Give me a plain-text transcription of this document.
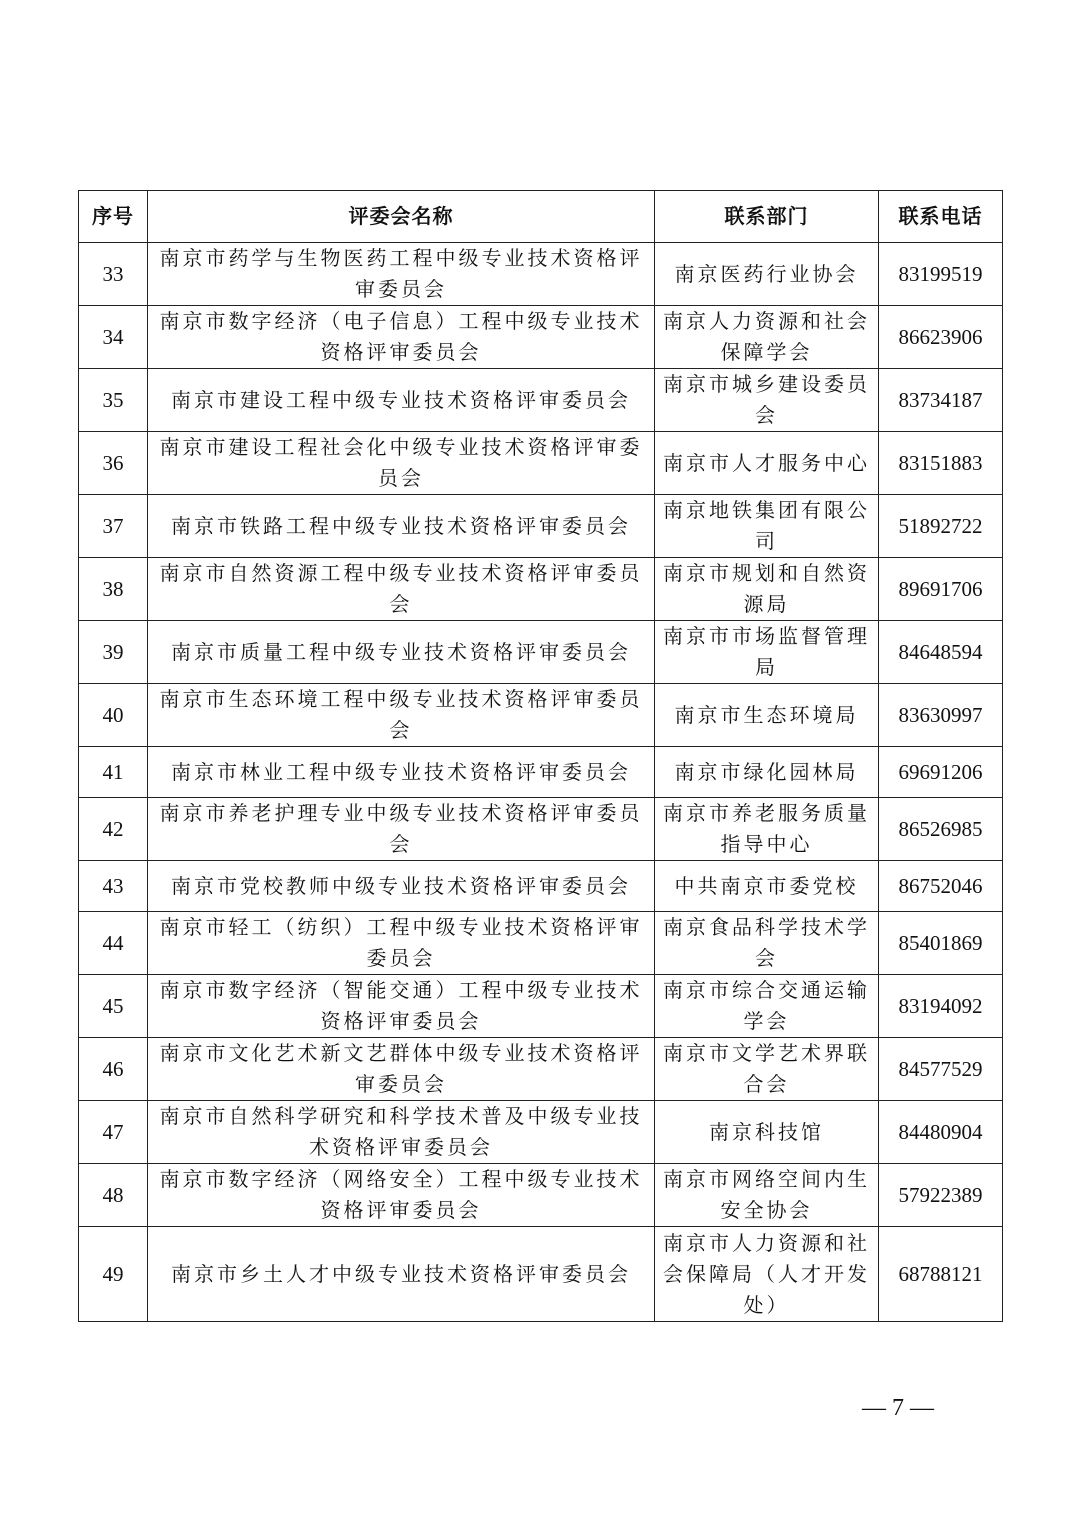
序号	评委会名称	联系部门	联系电话
33	南京市药学与生物医药工程中级专业技术资格评审委员会	南京医药行业协会	83199519
34	南京市数字经济（电子信息）工程中级专业技术资格评审委员会	南京人力资源和社会保障学会	86623906
35	南京市建设工程中级专业技术资格评审委员会	南京市城乡建设委员会	83734187
36	南京市建设工程社会化中级专业技术资格评审委员会	南京市人才服务中心	83151883
37	南京市铁路工程中级专业技术资格评审委员会	南京地铁集团有限公司	51892722
38	南京市自然资源工程中级专业技术资格评审委员会	南京市规划和自然资源局	89691706
39	南京市质量工程中级专业技术资格评审委员会	南京市市场监督管理局	84648594
40	南京市生态环境工程中级专业技术资格评审委员会	南京市生态环境局	83630997
41	南京市林业工程中级专业技术资格评审委员会	南京市绿化园林局	69691206
42	南京市养老护理专业中级专业技术资格评审委员会	南京市养老服务质量指导中心	86526985
43	南京市党校教师中级专业技术资格评审委员会	中共南京市委党校	86752046
44	南京市轻工（纺织）工程中级专业技术资格评审委员会	南京食品科学技术学会	85401869
45	南京市数字经济（智能交通）工程中级专业技术资格评审委员会	南京市综合交通运输学会	83194092
46	南京市文化艺术新文艺群体中级专业技术资格评审委员会	南京市文学艺术界联合会	84577529
47	南京市自然科学研究和科学技术普及中级专业技术资格评审委员会	南京科技馆	84480904
48	南京市数字经济（网络安全）工程中级专业技术资格评审委员会	南京市网络空间内生安全协会	57922389
49	南京市乡土人才中级专业技术资格评审委员会	南京市人力资源和社会保障局（人才开发处）	68788121
— 7 —
